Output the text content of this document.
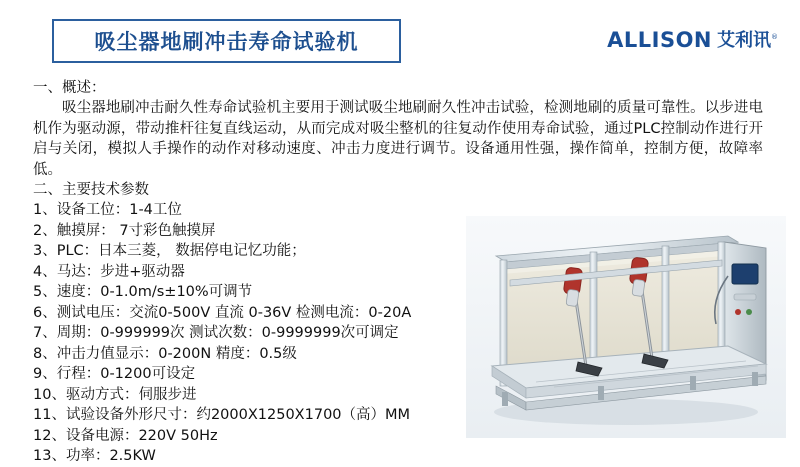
吸尘器地刷冲击寿命试验机	ALLISON 艾利讯®

一、概述：

吸尘器地刷冲击耐久性寿命试验机主要用于测试吸尘地刷耐久性冲击试验，检测地刷的质量可靠性。以步进电机作为驱动源，带动推杆往复直线运动，从而完成对吸尘整机的往复动作使用寿命试验，通过PLC控制动作进行开启与关闭，模拟人手操作的动作对移动速度、冲击力度进行调节。设备通用性强，操作简单，控制方便，故障率低。

二、主要技术参数

1、设备工位：1-4工位
2、触摸屏： 7寸彩色触摸屏
3、PLC：日本三菱， 数据停电记忆功能；
4、马达：步进+驱动器
5、速度：0-1.0m/s±10%可调节
6、测试电压：交流0-500V 直流 0-36V 检测电流：0-20A
7、周期：0-999999次 测试次数：0-9999999次可调定
8、冲击力值显示：0-200N 精度：0.5级
9、行程：0-1200可设定
10、驱动方式：伺服步进
11、试验设备外形尺寸：约2000X1250X1700（高）MM
12、设备电源：220V 50Hz
13、功率：2.5KW
